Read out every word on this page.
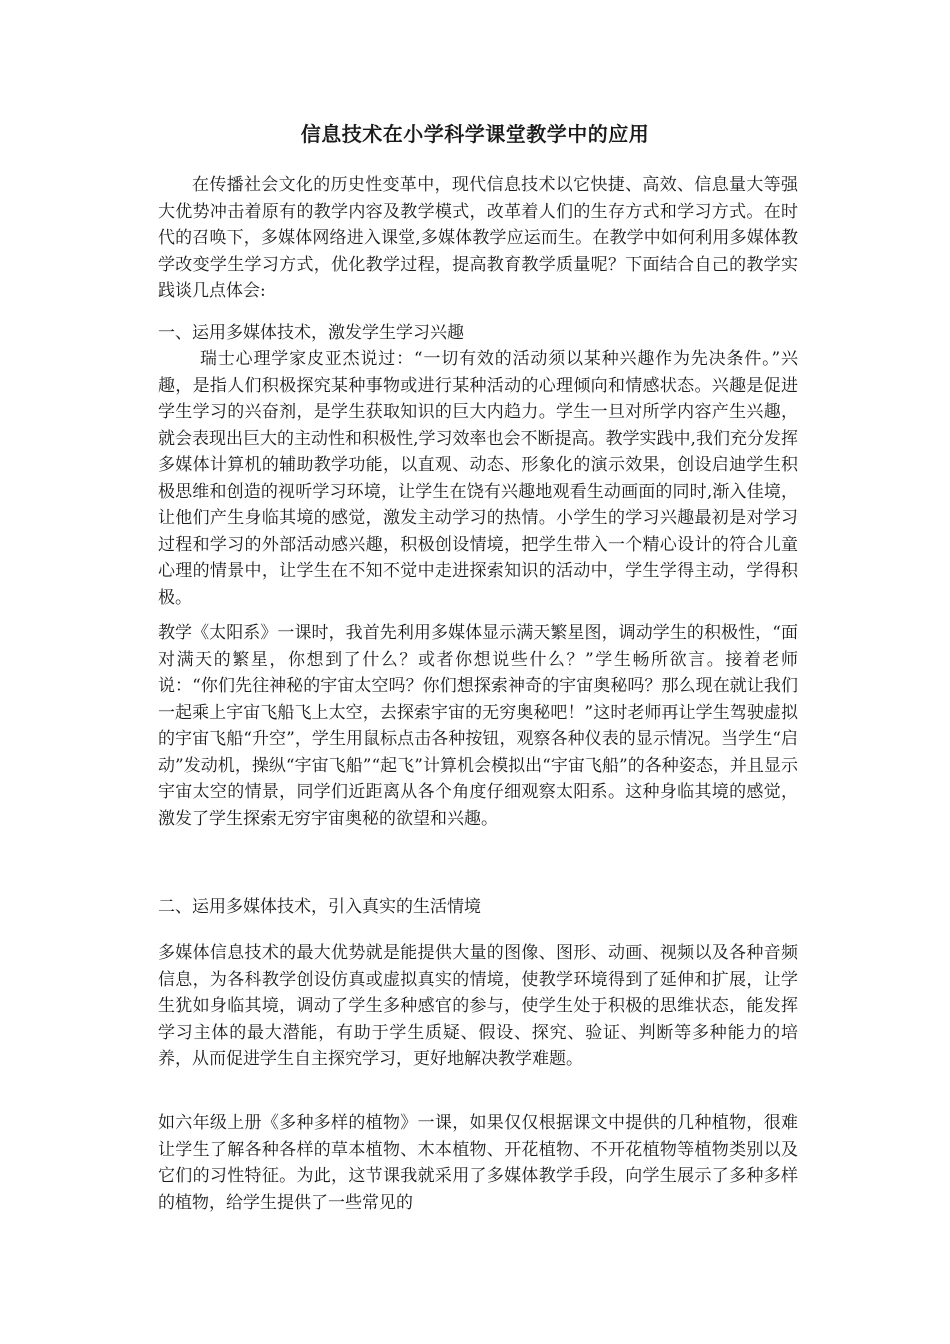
信息技术在小学科学课堂教学中的应用

在传播社会文化的历史性变革中，现代信息技术以它快捷、高效、信息量大等强大优势冲击着原有的教学内容及教学模式，改革着人们的生存方式和学习方式。在时代的召唤下，多媒体网络进入课堂,多媒体教学应运而生。在教学中如何利用多媒体教学改变学生学习方式，优化教学过程，提高教育教学质量呢？下面结合自己的教学实践谈几点体会:

一、运用多媒体技术，激发学生学习兴趣

瑞士心理学家皮亚杰说过：“一切有效的活动须以某种兴趣作为先决条件。”兴趣，是指人们积极探究某种事物或进行某种活动的心理倾向和情感状态。兴趣是促进学生学习的兴奋剂，是学生获取知识的巨大内趋力。学生一旦对所学内容产生兴趣，就会表现出巨大的主动性和积极性,学习效率也会不断提高。教学实践中,我们充分发挥多媒体计算机的辅助教学功能，以直观、动态、形象化的演示效果，创设启迪学生积极思维和创造的视听学习环境，让学生在饶有兴趣地观看生动画面的同时,渐入佳境，让他们产生身临其境的感觉，激发主动学习的热情。小学生的学习兴趣最初是对学习过程和学习的外部活动感兴趣，积极创设情境，把学生带入一个精心设计的符合儿童心理的情景中，让学生在不知不觉中走进探索知识的活动中，学生学得主动，学得积极。

教学《太阳系》一课时，我首先利用多媒体显示满天繁星图，调动学生的积极性，“面对满天的繁星，你想到了什么？或者你想说些什么？”学生畅所欲言。接着老师说：“你们先往神秘的宇宙太空吗？你们想探索神奇的宇宙奥秘吗？那么现在就让我们一起乘上宇宙飞船飞上太空，去探索宇宙的无穷奥秘吧！”这时老师再让学生驾驶虚拟的宇宙飞船“升空”，学生用鼠标点击各种按钮，观察各种仪表的显示情况。当学生“启动”发动机，操纵“宇宙飞船”“起飞”计算机会模拟出“宇宙飞船”的各种姿态，并且显示宇宙太空的情景，同学们近距离从各个角度仔细观察太阳系。这种身临其境的感觉，激发了学生探索无穷宇宙奥秘的欲望和兴趣。

二、运用多媒体技术，引入真实的生活情境

多媒体信息技术的最大优势就是能提供大量的图像、图形、动画、视频以及各种音频信息，为各科教学创设仿真或虚拟真实的情境，使教学环境得到了延伸和扩展，让学生犹如身临其境，调动了学生多种感官的参与，使学生处于积极的思维状态，能发挥学习主体的最大潜能，有助于学生质疑、假设、探究、验证、判断等多种能力的培养，从而促进学生自主探究学习，更好地解决教学难题。

如六年级上册《多种多样的植物》一课，如果仅仅根据课文中提供的几种植物，很难让学生了解各种各样的草本植物、木本植物、开花植物、不开花植物等植物类别以及它们的习性特征。为此，这节课我就采用了多媒体教学手段，向学生展示了多种多样的植物，给学生提供了一些常见的
